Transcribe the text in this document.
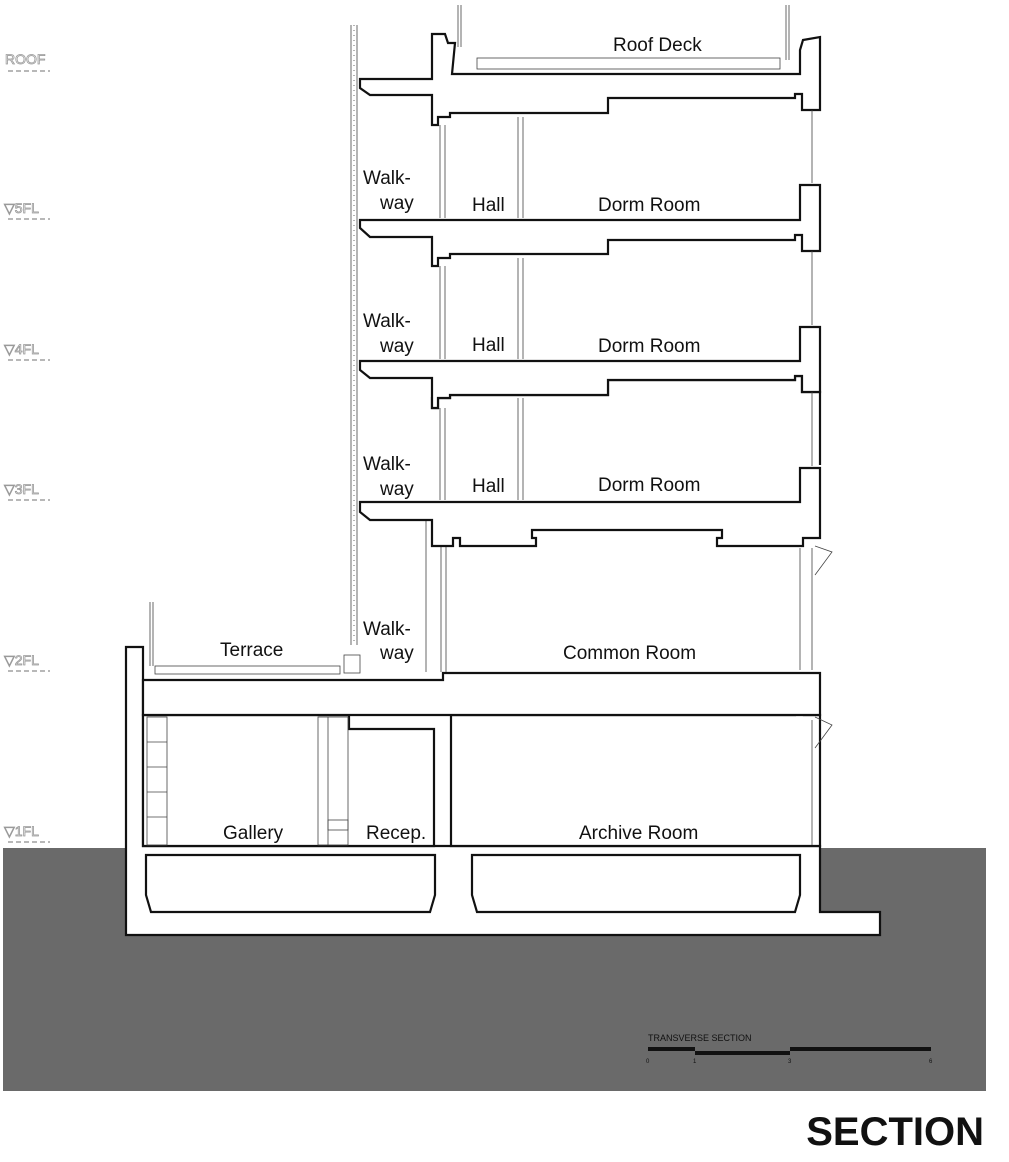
ROOF
▽5FL
▽4FL
▽3FL
▽2FL
▽1FL
Roof Deck
Walk-
way	Hall	Dorm Room
Walk-
way	Hall	Dorm Room
Walk-
way	Hall	Dorm Room
Walk-
way
Terrace	Common Room
Gallery	Recep.	Archive Room
TRANSVERSE SECTION
0	1	3	6
SECTION
